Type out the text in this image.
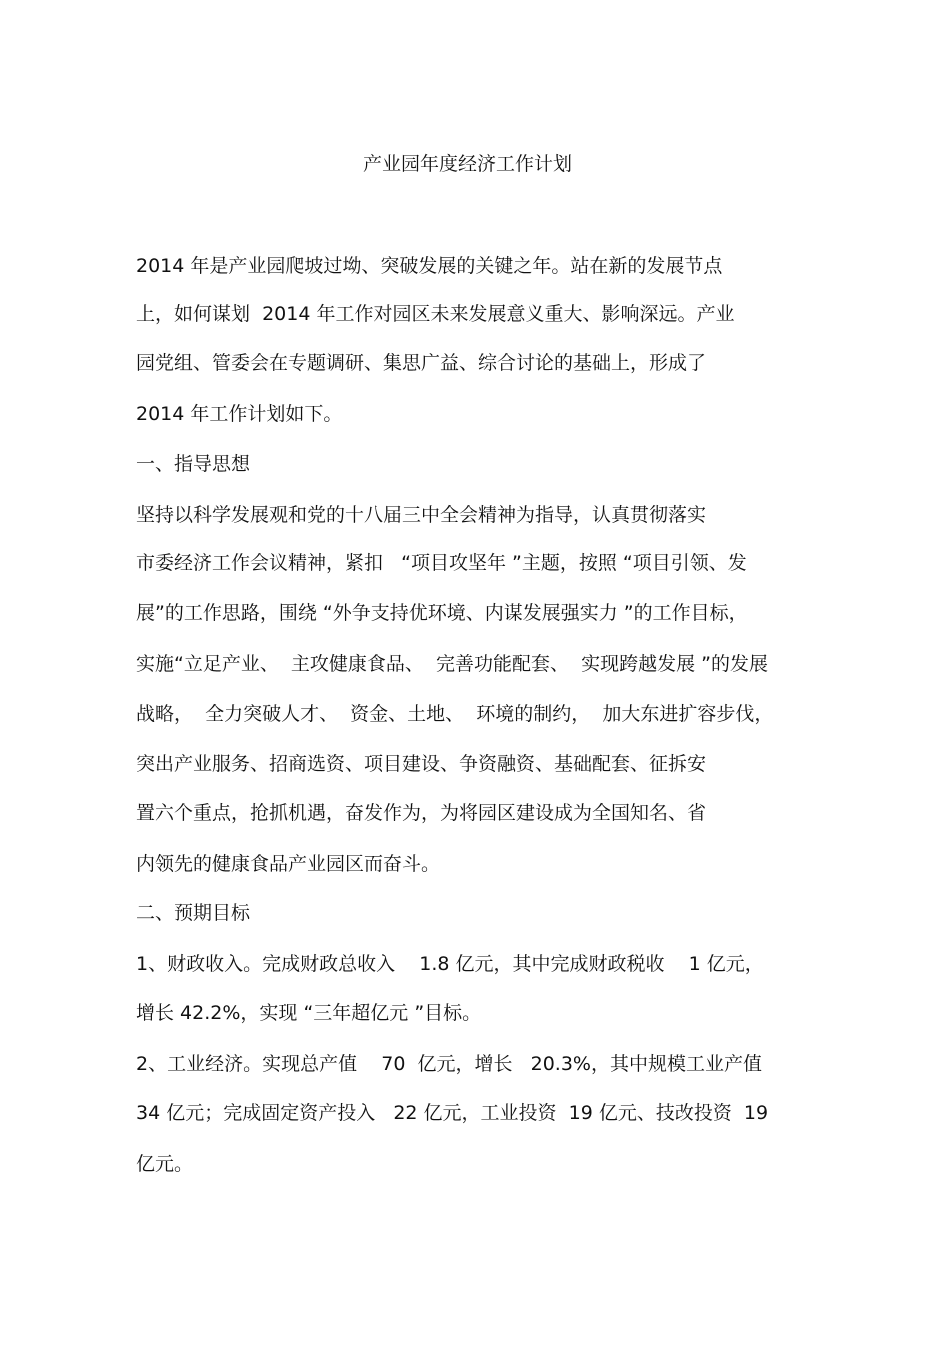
产业园年度经济工作计划
2014 年是产业园爬坡过坳、突破发展的关键之年。站在新的发展节点
上，如何谋划  2014 年工作对园区未来发展意义重大、影响深远。产业
园党组、管委会在专题调研、集思广益、综合讨论的基础上，形成了
2014 年工作计划如下。
一、指导思想
坚持以科学发展观和党的十八届三中全会精神为指导，认真贯彻落实
市委经济工作会议精神，紧扣   “项目攻坚年 ”主题，按照 “项目引领、发
展”的工作思路，围绕 “外争支持优环境、内谋发展强实力 ”的工作目标，
实施“立足产业、  主攻健康食品、  完善功能配套、  实现跨越发展 ”的发展
战略，  全力突破人才、  资金、土地、  环境的制约，  加大东进扩容步伐，
突出产业服务、招商选资、项目建设、争资融资、基础配套、征拆安
置六个重点，抢抓机遇，奋发作为，为将园区建设成为全国知名、省
内领先的健康食品产业园区而奋斗。
二、预期目标
1、财政收入。完成财政总收入    1.8 亿元，其中完成财政税收    1 亿元，
增长 42.2%，实现 “三年超亿元 ”目标。
2、工业经济。实现总产值    70  亿元，增长   20.3%，其中规模工业产值
34 亿元；完成固定资产投入   22 亿元，工业投资  19 亿元、技改投资  19
亿元。
